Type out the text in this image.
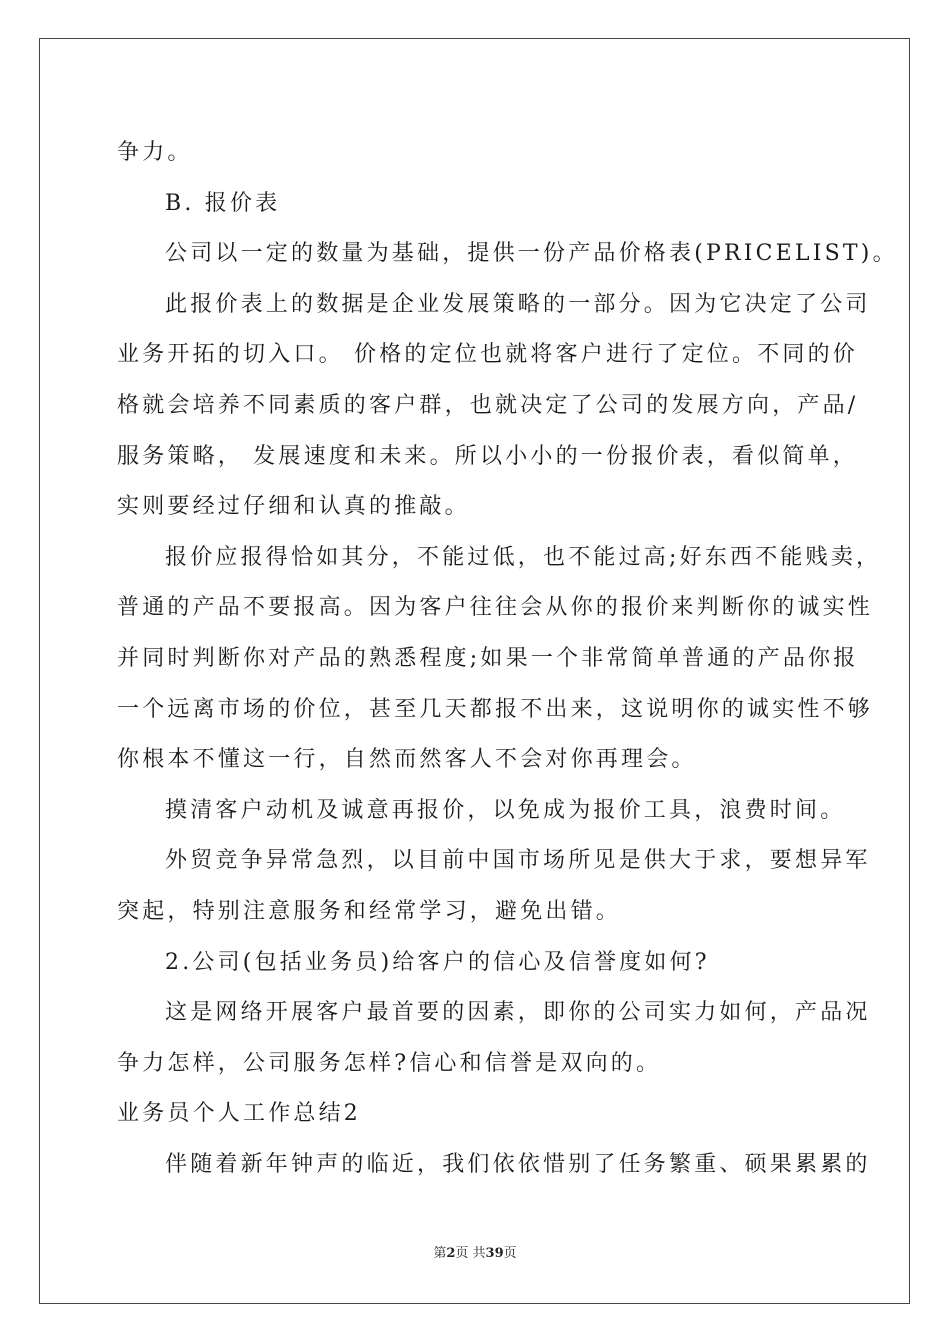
争力。
B. 报价表
公司以一定的数量为基础，提供一份产品价格表(PRICELIST)。
此报价表上的数据是企业发展策略的一部分。因为它决定了公司
业务开拓的切入口。 价格的定位也就将客户进行了定位。不同的价
格就会培养不同素质的客户群，也就决定了公司的发展方向，产品/
服务策略， 发展速度和未来。所以小小的一份报价表，看似简单，
实则要经过仔细和认真的推敲。
报价应报得恰如其分，不能过低，也不能过高;好东西不能贱卖，
普通的产品不要报高。因为客户往往会从你的报价来判断你的诚实性
并同时判断你对产品的熟悉程度;如果一个非常简单普通的产品你报
一个远离市场的价位，甚至几天都报不出来，这说明你的诚实性不够
你根本不懂这一行，自然而然客人不会对你再理会。
摸清客户动机及诚意再报价，以免成为报价工具，浪费时间。
外贸竞争异常急烈，以目前中国市场所见是供大于求，要想异军
突起，特别注意服务和经常学习，避免出错。
2.公司(包括业务员)给客户的信心及信誉度如何?
这是网络开展客户最首要的因素，即你的公司实力如何，产品况
争力怎样，公司服务怎样?信心和信誉是双向的。
业务员个人工作总结2
伴随着新年钟声的临近，我们依依惜别了任务繁重、硕果累累的
第2页 共39页
